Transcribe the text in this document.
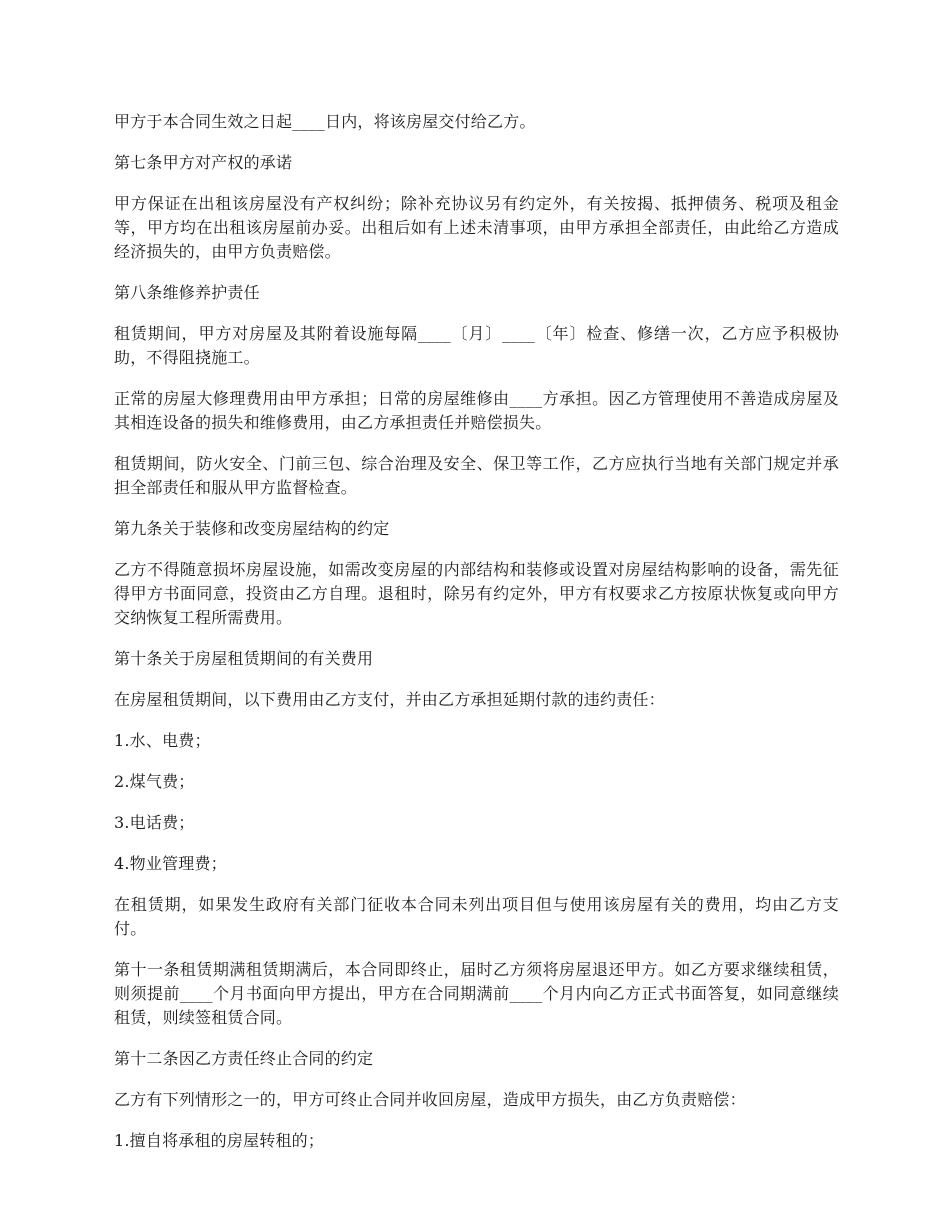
甲方于本合同生效之日起____日内，将该房屋交付给乙方。

第七条甲方对产权的承诺

甲方保证在出租该房屋没有产权纠纷；除补充协议另有约定外，有关按揭、抵押债务、税项及租金等，甲方均在出租该房屋前办妥。出租后如有上述未清事项，由甲方承担全部责任，由此给乙方造成经济损失的，由甲方负责赔偿。

第八条维修养护责任

租赁期间，甲方对房屋及其附着设施每隔____〔月〕____〔年〕检查、修缮一次，乙方应予积极协助，不得阻挠施工。

正常的房屋大修理费用由甲方承担；日常的房屋维修由____方承担。因乙方管理使用不善造成房屋及其相连设备的损失和维修费用，由乙方承担责任并赔偿损失。

租赁期间，防火安全、门前三包、综合治理及安全、保卫等工作，乙方应执行当地有关部门规定并承担全部责任和服从甲方监督检查。

第九条关于装修和改变房屋结构的约定

乙方不得随意损坏房屋设施，如需改变房屋的内部结构和装修或设置对房屋结构影响的设备，需先征得甲方书面同意，投资由乙方自理。退租时，除另有约定外，甲方有权要求乙方按原状恢复或向甲方交纳恢复工程所需费用。

第十条关于房屋租赁期间的有关费用

在房屋租赁期间，以下费用由乙方支付，并由乙方承担延期付款的违约责任：

1.水、电费；

2.煤气费；

3.电话费；

4.物业管理费；

在租赁期，如果发生政府有关部门征收本合同未列出项目但与使用该房屋有关的费用，均由乙方支付。

第十一条租赁期满租赁期满后，本合同即终止，届时乙方须将房屋退还甲方。如乙方要求继续租赁，则须提前____个月书面向甲方提出，甲方在合同期满前____个月内向乙方正式书面答复，如同意继续租赁，则续签租赁合同。

第十二条因乙方责任终止合同的约定

乙方有下列情形之一的，甲方可终止合同并收回房屋，造成甲方损失，由乙方负责赔偿：

1.擅自将承租的房屋转租的；
